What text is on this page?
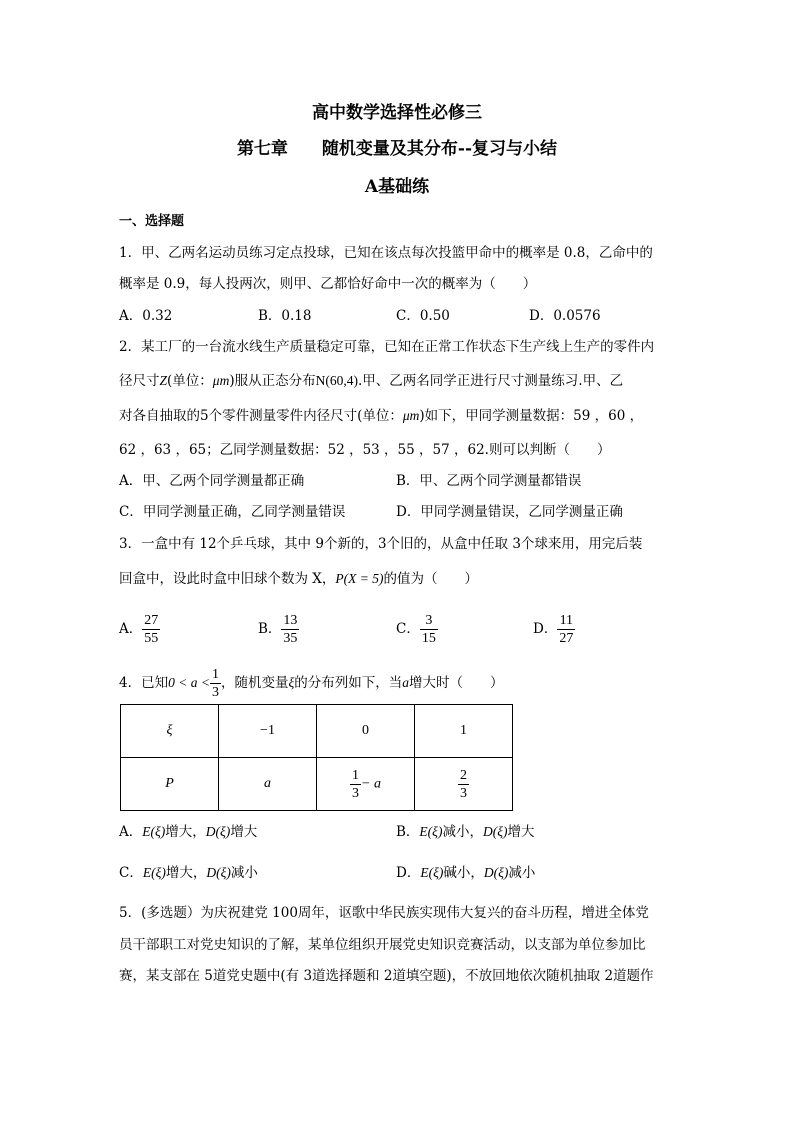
高中数学选择性必修三
第七章　　随机变量及其分布--复习与小结
A基础练
一、选择题
1．甲、乙两名运动员练习定点投球，已知在该点每次投篮甲命中的概率是 0.8，乙命中的
概率是 0.9，每人投两次，则甲、乙都恰好命中一次的概率为（　　）
A．0.32	B．0.18	C．0.50	D．0.0576
2．某工厂的一台流水线生产质量稳定可靠，已知在正常工作状态下生产线上生产的零件内
径尺寸Z(单位：μm)服从正态分布N(60,4).甲、乙两名同学正进行尺寸测量练习.甲、乙
对各自抽取的5个零件测量零件内径尺寸(单位：μm)如下，甲同学测量数据：59 ，60 ，
62 ，63 ，65；乙同学测量数据：52 ，53 ，55 ，57 ，62.则可以判断（　　）
A．甲、乙两个同学测量都正确	B．甲、乙两个同学测量都错误
C．甲同学测量正确，乙同学测量错误	D．甲同学测量错误，乙同学测量正确
3．一盒中有 12个乒乓球，其中 9个新的，3个旧的，从盒中任取 3个球来用，用完后装
回盒中，设此时盒中旧球个数为 X，P(X = 5)的值为（　　）
A． $\frac{27}{55}$	B． $\frac{13}{35}$	C． $\frac{3}{15}$	D． $\frac{11}{27}$
4．已知$0 < a < \frac{1}{3}$ ，随机变量ξ的分布列如下，当a增大时（　　）
ξ	−1	0	1
P	a	$\frac{1}{3} - a$	$\frac{2}{3}$
A．E(ξ)增大，D(ξ)增大	B．E(ξ)减小，D(ξ)增大
C．E(ξ)增大，D(ξ)减小	D．E(ξ)碱小，D(ξ)减小
5．(多选题）为庆祝建党 100周年，讴歌中华民族实现伟大复兴的奋斗历程，增进全体党
员干部职工对党史知识的了解，某单位组织开展党史知识竞赛活动，以支部为单位参加比
赛，某支部在 5道党史题中(有 3道选择题和 2道填空题)，不放回地依次随机抽取 2道题作
